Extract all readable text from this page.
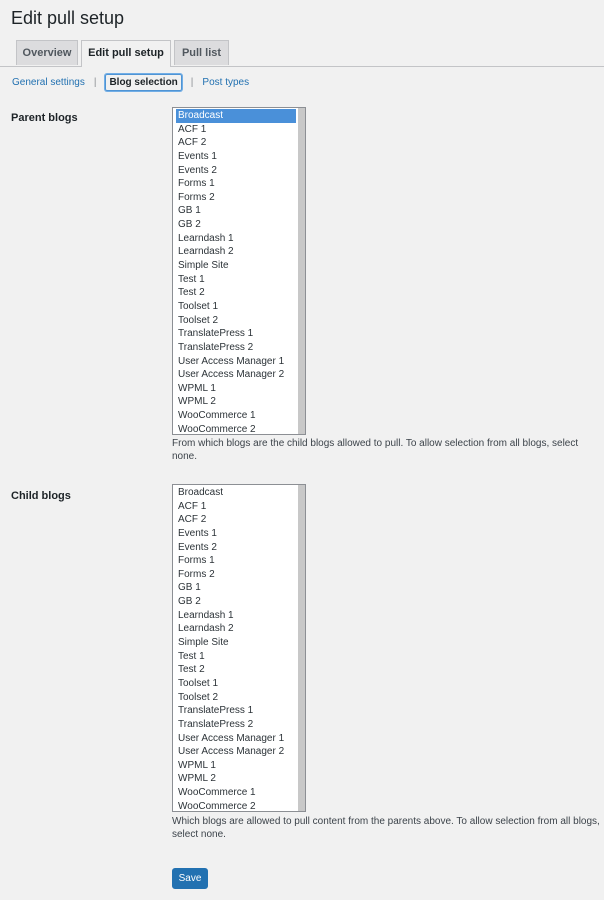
Edit pull setup
Overview	Edit pull setup	Pull list
General settings |	Blog selection	| Post types
Parent blogs	Broadcast
ACF 1
ACF 2
Events 1
Events 2
Forms 1
Forms 2
GB 1
GB 2
Learndash 1
Learndash 2
Simple Site
Test 1
Test 2
Toolset 1
Toolset 2
TranslatePress 1
TranslatePress 2
User Access Manager 1
User Access Manager 2
WPML 1
WPML 2
WooCommerce 1
WooCommerce 2

From which blogs are the child blogs allowed to pull. To allow selection from all blogs, select none.

Child blogs	Broadcast
ACF 1
ACF 2
Events 1
Events 2
Forms 1
Forms 2
GB 1
GB 2
Learndash 1
Learndash 2
Simple Site
Test 1
Test 2
Toolset 1
Toolset 2
TranslatePress 1
TranslatePress 2
User Access Manager 1
User Access Manager 2
WPML 1
WPML 2
WooCommerce 1
WooCommerce 2

Which blogs are allowed to pull content from the parents above. To allow selection from all blogs, select none.

Save
